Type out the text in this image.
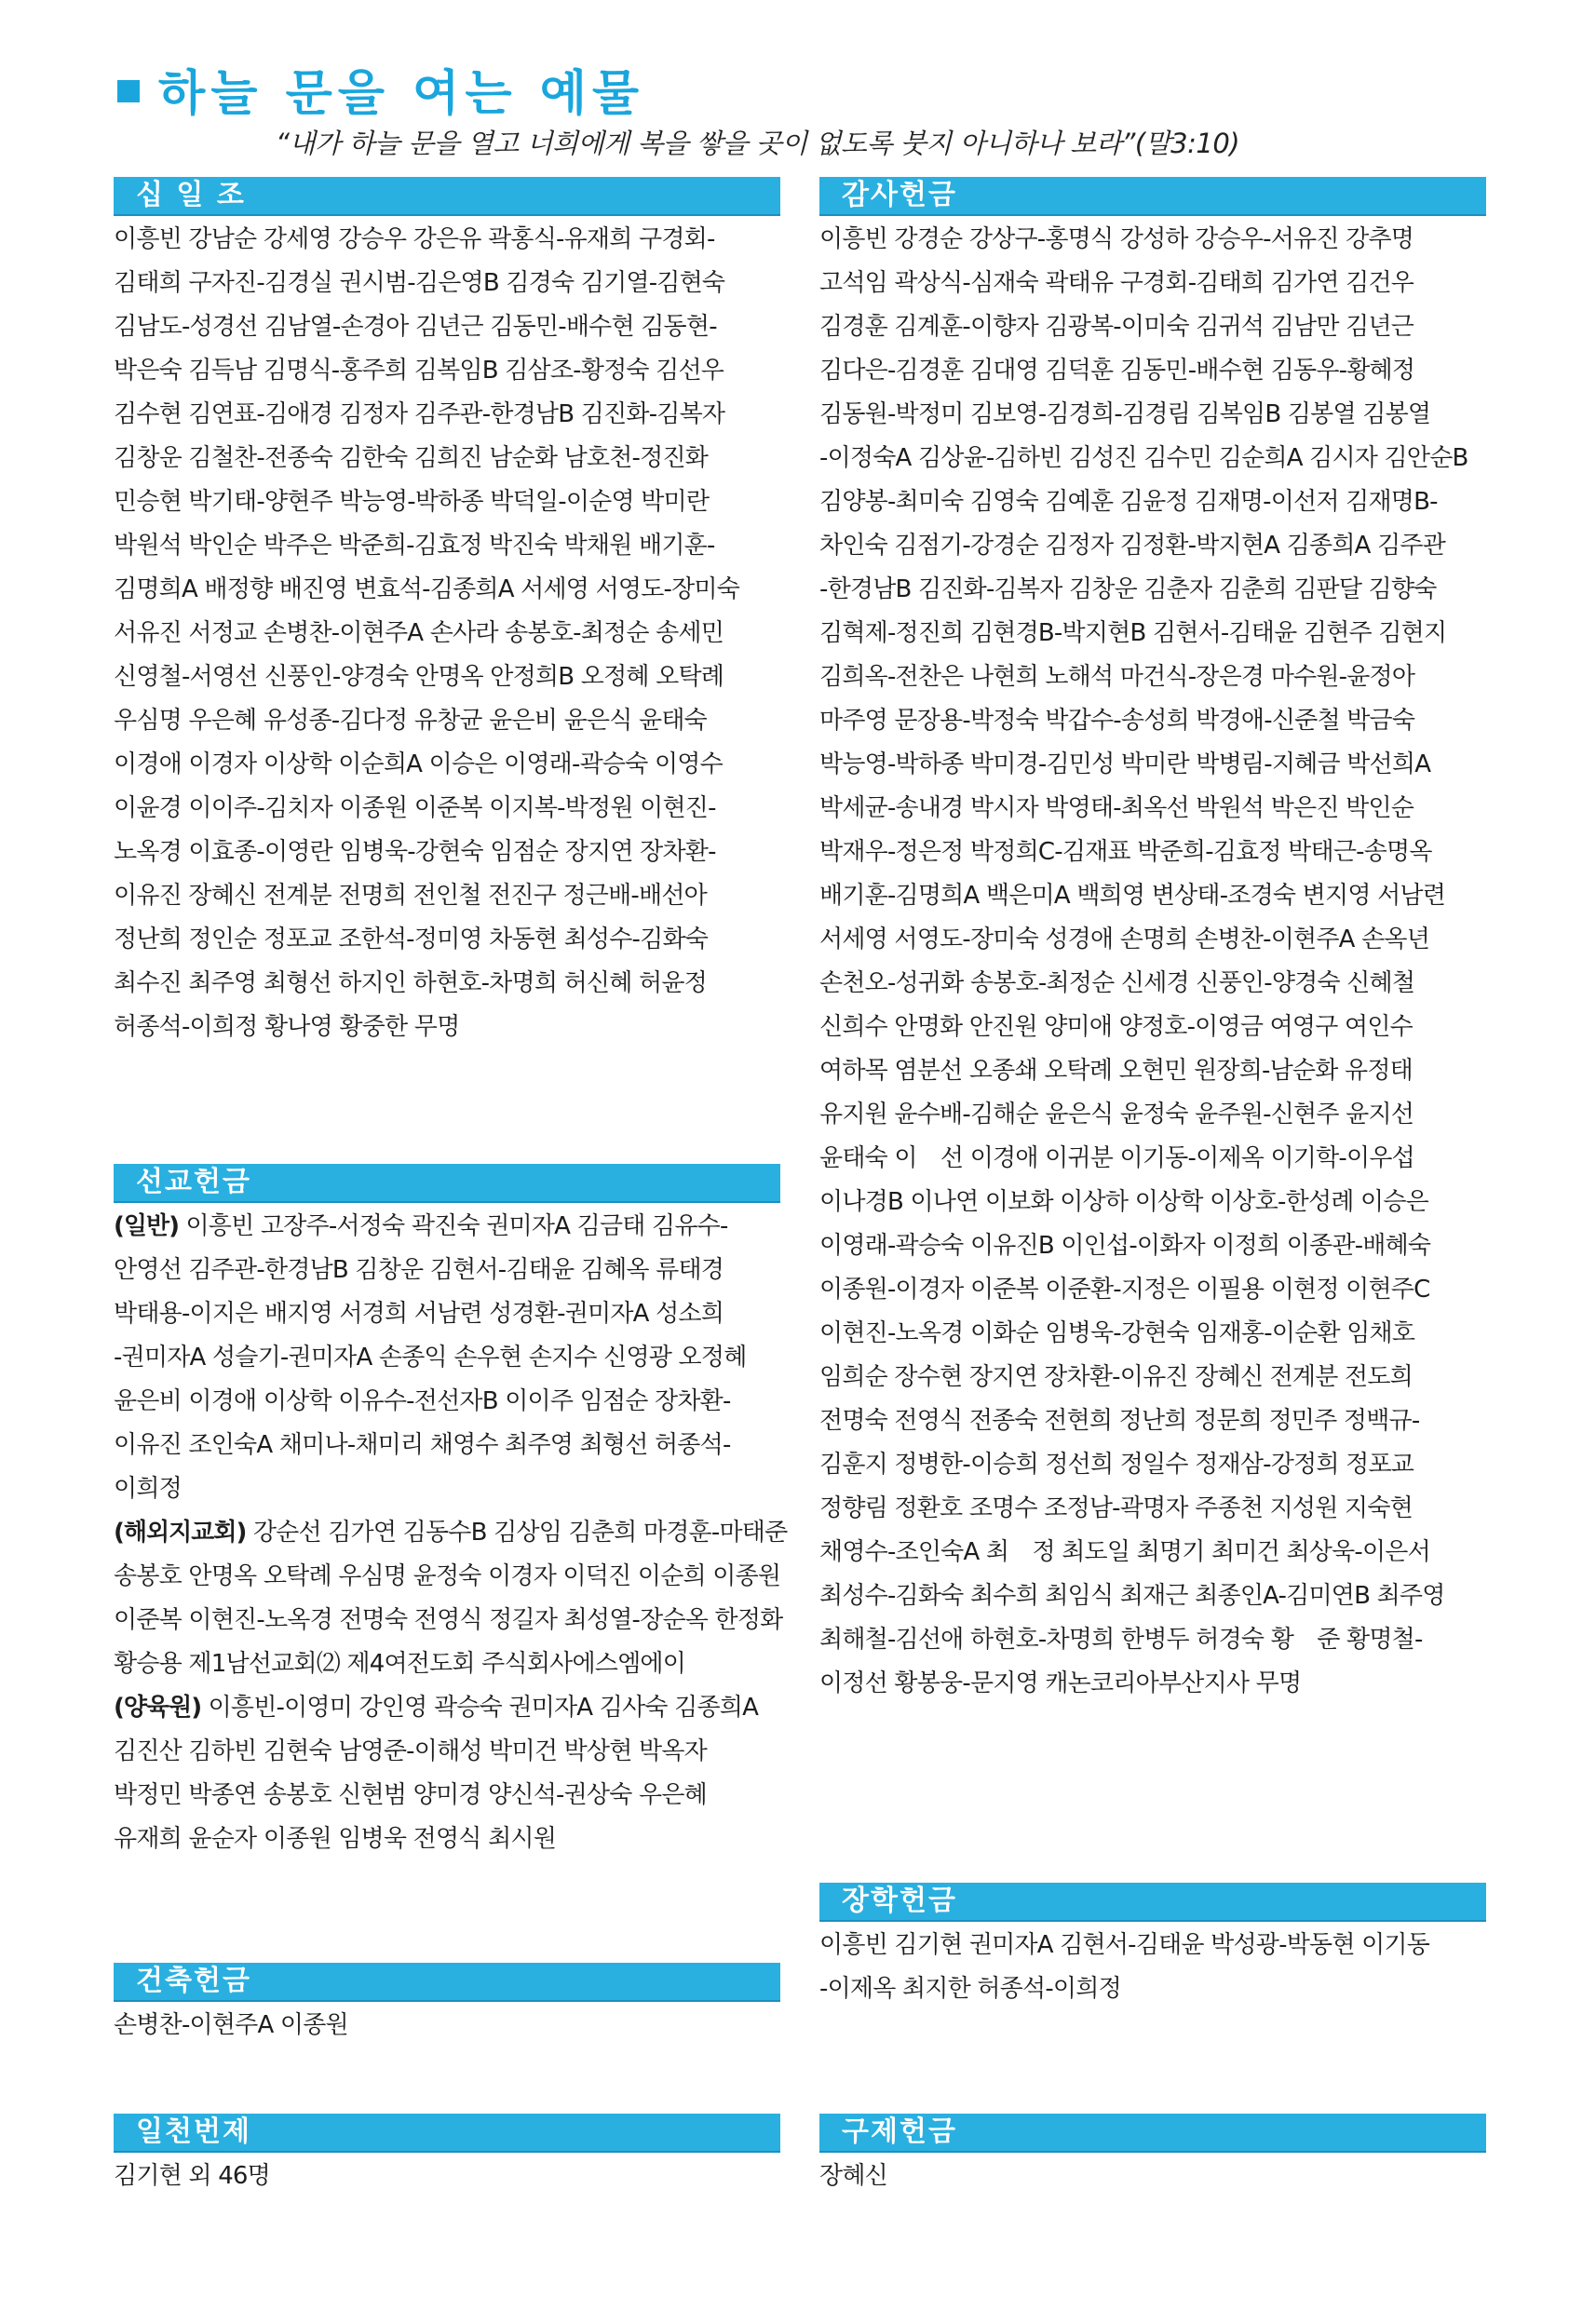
하늘 문을 여는 예물
“내가 하늘 문을 열고 너희에게 복을 쌓을 곳이 없도록 붓지 아니하나 보라”(말3:10)
십 일 조
이흥빈 강남순 강세영 강승우 강은유 곽홍식-유재희 구경회-
김태희 구자진-김경실 권시범-김은영B 김경숙 김기열-김현숙
김남도-성경선 김남열-손경아 김년근 김동민-배수현 김동현-
박은숙 김득남 김명식-홍주희 김복임B 김삼조-황정숙 김선우
김수현 김연표-김애경 김정자 김주관-한경남B 김진화-김복자
김창운 김철찬-전종숙 김한숙 김희진 남순화 남호천-정진화
민승현 박기태-양현주 박능영-박하종 박덕일-이순영 박미란
박원석 박인순 박주은 박준희-김효정 박진숙 박채원 배기훈-
김명희A 배정향 배진영 변효석-김종희A 서세영 서영도-장미숙
서유진 서정교 손병찬-이현주A 손사라 송봉호-최정순 송세민
신영철-서영선 신풍인-양경숙 안명옥 안정희B 오정혜 오탁례
우심명 우은혜 유성종-김다정 유창균 윤은비 윤은식 윤태숙
이경애 이경자 이상학 이순희A 이승은 이영래-곽승숙 이영수
이윤경 이이주-김치자 이종원 이준복 이지복-박정원 이현진-
노옥경 이효종-이영란 임병욱-강현숙 임점순 장지연 장차환-
이유진 장혜신 전계분 전명희 전인철 전진구 정근배-배선아
정난희 정인순 정포교 조한석-정미영 차동현 최성수-김화숙
최수진 최주영 최형선 하지인 하현호-차명희 허신혜 허윤정
허종석-이희정 황나영 황중한 무명
선교헌금
(일반) 이흥빈 고장주-서정숙 곽진숙 권미자A 김금태 김유수-
안영선 김주관-한경남B 김창운 김현서-김태윤 김혜옥 류태경
박태용-이지은 배지영 서경희 서남련 성경환-권미자A 성소희
-권미자A 성슬기-권미자A 손종익 손우현 손지수 신영광 오정혜
윤은비 이경애 이상학 이유수-전선자B 이이주 임점순 장차환-
이유진 조인숙A 채미나-채미리 채영수 최주영 최형선 허종석-
이희정
(해외지교회) 강순선 김가연 김동수B 김상임 김춘희 마경훈-마태준
송봉호 안명옥 오탁례 우심명 윤정숙 이경자 이덕진 이순희 이종원
이준복 이현진-노옥경 전명숙 전영식 정길자 최성열-장순옥 한정화
황승용 제1남선교회⑵ 제4여전도회 주식회사에스엠에이
(양육원) 이흥빈-이영미 강인영 곽승숙 권미자A 김사숙 김종희A
김진산 김하빈 김현숙 남영준-이해성 박미건 박상현 박옥자
박정민 박종연 송봉호 신현범 양미경 양신석-권상숙 우은혜
유재희 윤순자 이종원 임병욱 전영식 최시원
건축헌금
손병찬-이현주A 이종원
일천번제
김기현 외 46명
감사헌금
이흥빈 강경순 강상구-홍명식 강성하 강승우-서유진 강추명
고석임 곽상식-심재숙 곽태유 구경회-김태희 김가연 김건우
김경훈 김계훈-이향자 김광복-이미숙 김귀석 김남만 김년근
김다은-김경훈 김대영 김덕훈 김동민-배수현 김동우-황혜정
김동원-박정미 김보영-김경희-김경림 김복임B 김봉열 김봉열
-이정숙A 김상윤-김하빈 김성진 김수민 김순희A 김시자 김안순B
김양봉-최미숙 김영숙 김예훈 김윤정 김재명-이선저 김재명B-
차인숙 김점기-강경순 김정자 김정환-박지현A 김종희A 김주관
-한경남B 김진화-김복자 김창운 김춘자 김춘희 김판달 김향숙
김혁제-정진희 김현경B-박지현B 김현서-김태윤 김현주 김현지
김희옥-전찬은 나현희 노해석 마건식-장은경 마수원-윤정아
마주영 문장용-박정숙 박갑수-송성희 박경애-신준철 박금숙
박능영-박하종 박미경-김민성 박미란 박병림-지혜금 박선희A
박세균-송내경 박시자 박영태-최옥선 박원석 박은진 박인순
박재우-정은정 박정희C-김재표 박준희-김효정 박태근-송명옥
배기훈-김명희A 백은미A 백희영 변상태-조경숙 변지영 서남련
서세영 서영도-장미숙 성경애 손명희 손병찬-이현주A 손옥년
손천오-성귀화 송봉호-최정순 신세경 신풍인-양경숙 신혜철
신희수 안명화 안진원 양미애 양정호-이영금 여영구 여인수
여하목 염분선 오종쇄 오탁례 오현민 원장희-남순화 유정태
유지원 윤수배-김해순 윤은식 윤정숙 윤주원-신현주 윤지선
윤태숙 이　선 이경애 이귀분 이기동-이제옥 이기학-이우섭
이나경B 이나연 이보화 이상하 이상학 이상호-한성례 이승은
이영래-곽승숙 이유진B 이인섭-이화자 이정희 이종관-배혜숙
이종원-이경자 이준복 이준환-지정은 이필용 이현정 이현주C
이현진-노옥경 이화순 임병욱-강현숙 임재홍-이순환 임채호
임희순 장수현 장지연 장차환-이유진 장혜신 전계분 전도희
전명숙 전영식 전종숙 전현희 정난희 정문희 정민주 정백규-
김훈지 정병한-이승희 정선희 정일수 정재삼-강정희 정포교
정향림 정환호 조명수 조정남-곽명자 주종천 지성원 지숙현
채영수-조인숙A 최　정 최도일 최명기 최미건 최상욱-이은서
최성수-김화숙 최수희 최임식 최재근 최종인A-김미연B 최주영
최해철-김선애 하현호-차명희 한병두 허경숙 황　준 황명철-
이정선 황봉웅-문지영 캐논코리아부산지사 무명
장학헌금
이흥빈 김기현 권미자A 김현서-김태윤 박성광-박동현 이기동
-이제옥 최지한 허종석-이희정
구제헌금
장혜신
